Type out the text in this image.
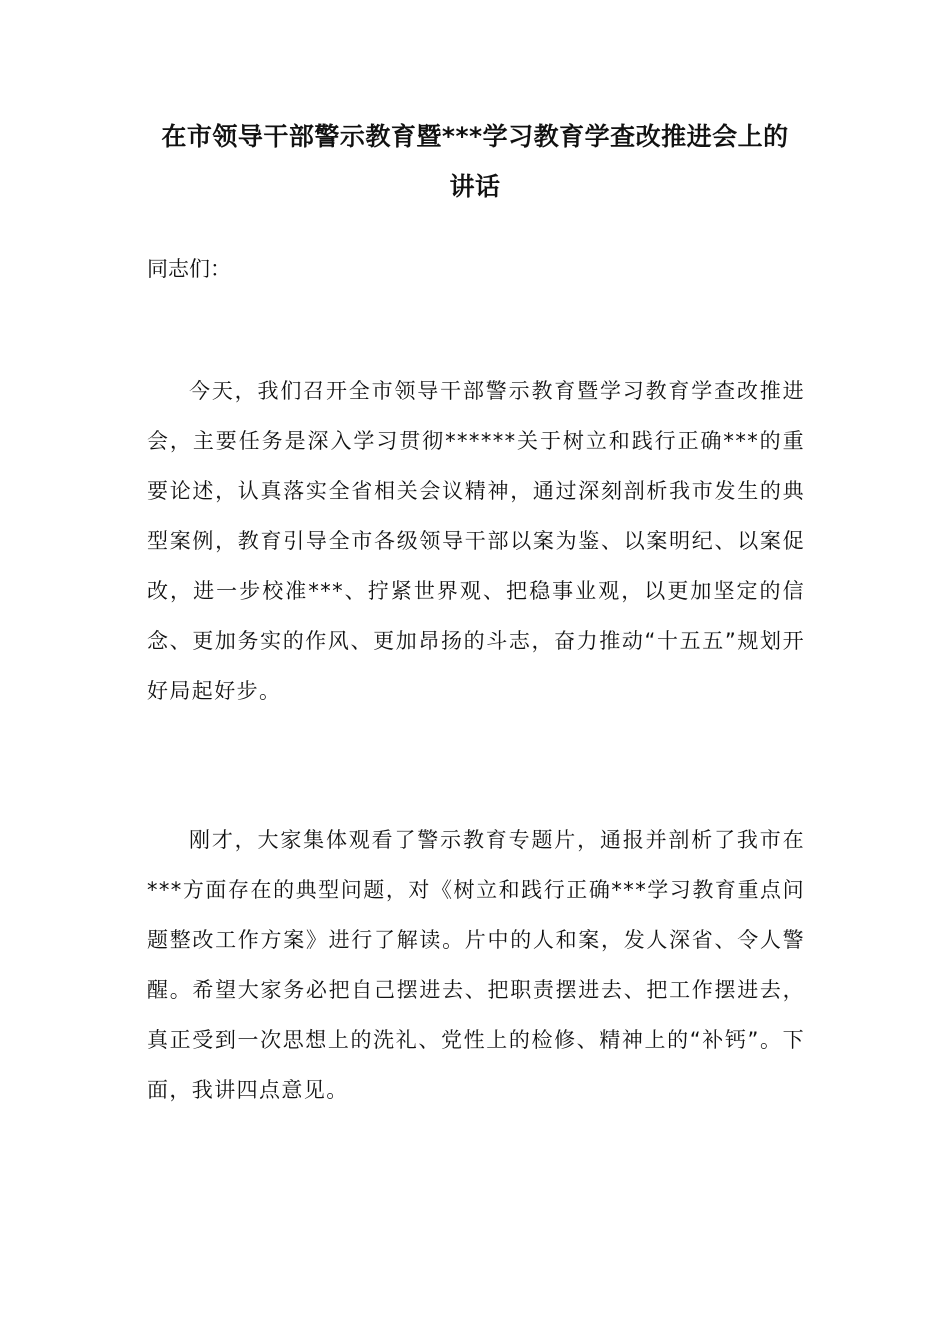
在市领导干部警示教育暨***学习教育学查改推进会上的讲话

同志们：

今天，我们召开全市领导干部警示教育暨学习教育学查改推进会，主要任务是深入学习贯彻******关于树立和践行正确***的重要论述，认真落实全省相关会议精神，通过深刻剖析我市发生的典型案例，教育引导全市各级领导干部以案为鉴、以案明纪、以案促改，进一步校准***、拧紧世界观、把稳事业观，以更加坚定的信念、更加务实的作风、更加昂扬的斗志，奋力推动“十五五”规划开好局起好步。

刚才，大家集体观看了警示教育专题片，通报并剖析了我市在***方面存在的典型问题，对《树立和践行正确***学习教育重点问题整改工作方案》进行了解读。片中的人和案，发人深省、令人警醒。希望大家务必把自己摆进去、把职责摆进去、把工作摆进去，真正受到一次思想上的洗礼、党性上的检修、精神上的“补钙”。下面，我讲四点意见。
